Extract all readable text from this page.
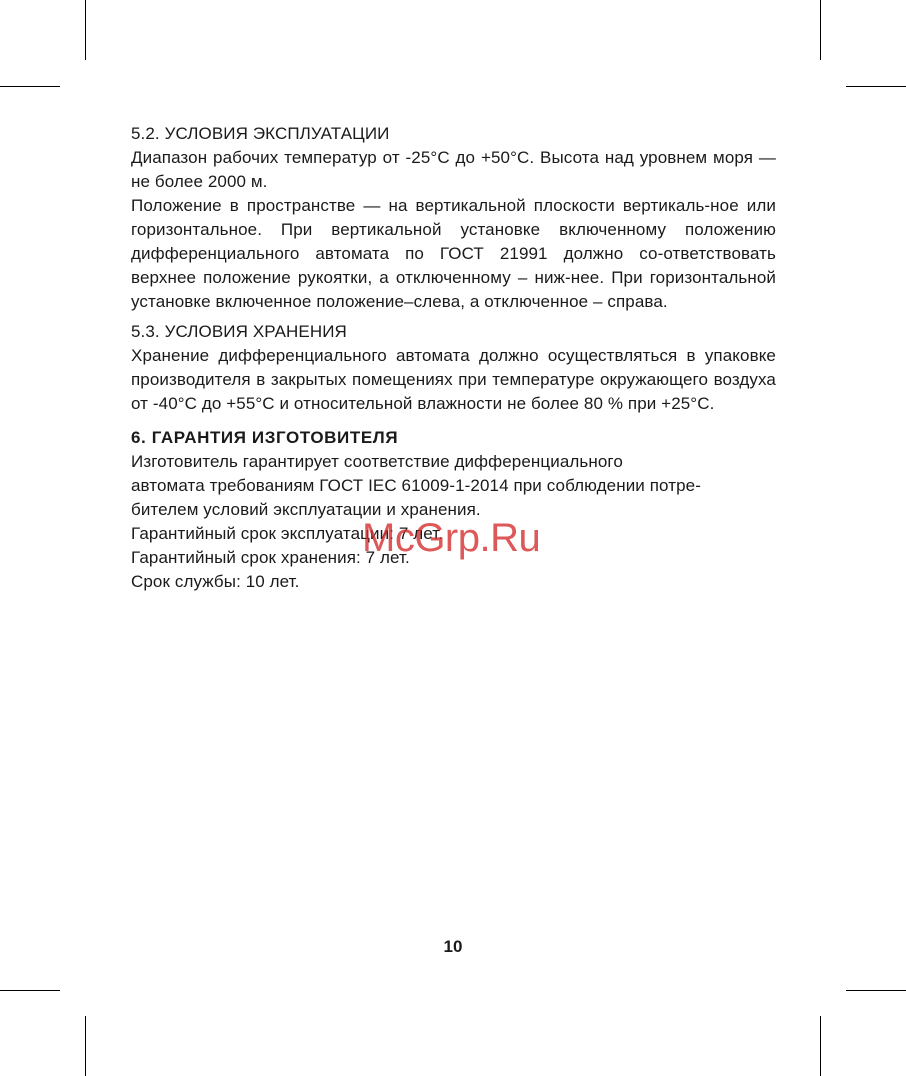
5.2. УСЛОВИЯ ЭКСПЛУАТАЦИИ

Диапазон рабочих температур от -25°С до +50°С. Высота над уровнем моря — не более 2000 м.

Положение в пространстве — на вертикальной плоскости вертикаль-ное или горизонтальное. При вертикальной установке включенному положению дифференциального автомата по ГОСТ 21991 должно со-ответствовать верхнее положение рукоятки, а отключенному – ниж-нее. При горизонтальной установке включенное положение–слева, а отключенное – справа.

5.3. УСЛОВИЯ ХРАНЕНИЯ

Хранение дифференциального автомата должно осуществляться в упаковке производителя в закрытых помещениях при температуре окружающего воздуха от -40°С до +55°С и относительной влажности не более 80 % при +25°С.

6. ГАРАНТИЯ ИЗГОТОВИТЕЛЯ

Изготовитель гарантирует соответствие дифференциального
автомата требованиям ГОСТ IEC 61009-1-2014 при соблюдении потре-
бителем условий эксплуатации и хранения.
Гарантийный срок эксплуатации: 7 лет.
Гарантийный срок хранения: 7 лет.
Срок службы: 10 лет.

McGrp.Ru
10
